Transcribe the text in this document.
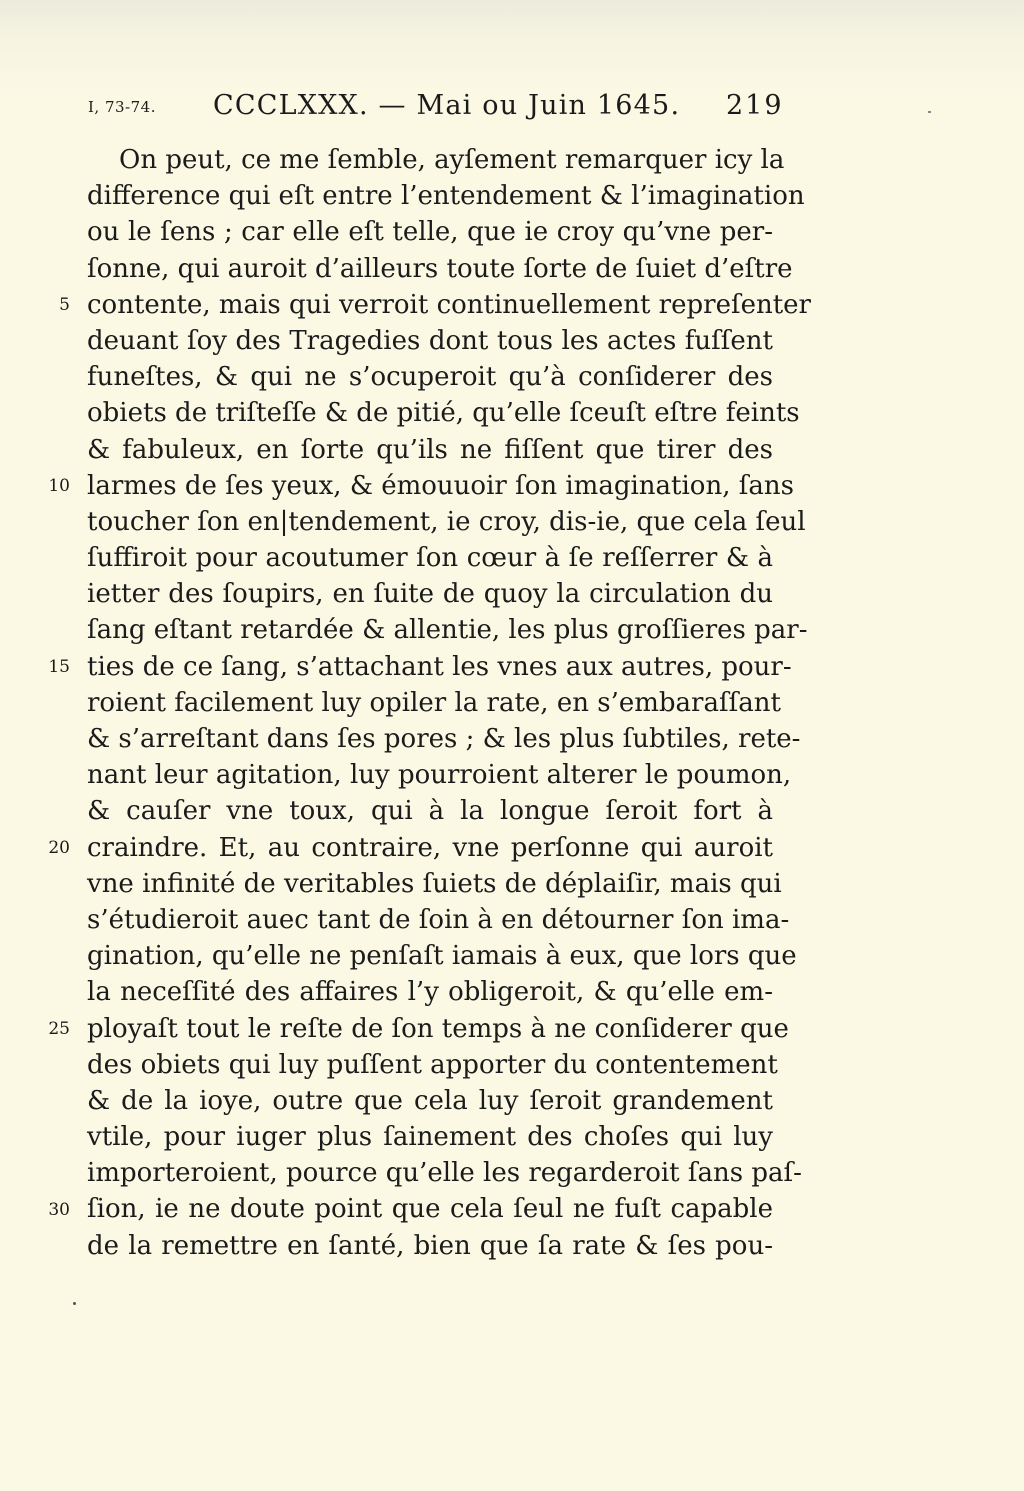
I, 73-74. CCCLXXX. — Mai ou Juin 1645. 219
On peut, ce me ſemble, ayſement remarquer icy la
difference qui eſt entre l’entendement & l’imagination
ou le ſens ; car elle eſt telle, que ie croy qu’vne per-
ſonne, qui auroit d’ailleurs toute ſorte de ſuiet d’eſtre
contente, mais qui verroit continuellement repreſenter
deuant ſoy des Tragedies dont tous les actes fuſſent
funeſtes, & qui ne s’ocuperoit qu’à conſiderer des
obiets de triſteſſe & de pitié, qu’elle ſceuſt eſtre feints
& fabuleux, en ſorte qu’ils ne fiſſent que tirer des
larmes de ſes yeux, & émouuoir ſon imagination, ſans
toucher ſon en|tendement, ie croy, dis-ie, que cela ſeul
ſuffiroit pour acoutumer ſon cœur à ſe reſſerrer & à
ietter des ſoupirs, en ſuite de quoy la circulation du
ſang eſtant retardée & allentie, les plus groſſieres par-
ties de ce ſang, s’attachant les vnes aux autres, pour-
roient facilement luy opiler la rate, en s’embaraſſant
& s’arreſtant dans ſes pores ; & les plus ſubtiles, rete-
nant leur agitation, luy pourroient alterer le poumon,
& cauſer vne toux, qui à la longue ſeroit fort à
craindre. Et, au contraire, vne perſonne qui auroit
vne infinité de veritables ſuiets de déplaiſir, mais qui
s’étudieroit auec tant de ſoin à en détourner ſon ima-
gination, qu’elle ne penſaſt iamais à eux, que lors que
la neceſſité des affaires l’y obligeroit, & qu’elle em-
ployaſt tout le reſte de ſon temps à ne conſiderer que
des obiets qui luy puſſent apporter du contentement
& de la ioye, outre que cela luy ſeroit grandement
vtile, pour iuger plus ſainement des choſes qui luy
importeroient, pource qu’elle les regarderoit ſans paſ-
ſion, ie ne doute point que cela ſeul ne fuſt capable
de la remettre en ſanté, bien que ſa rate & ſes pou-
5
10
15
20
25
30
